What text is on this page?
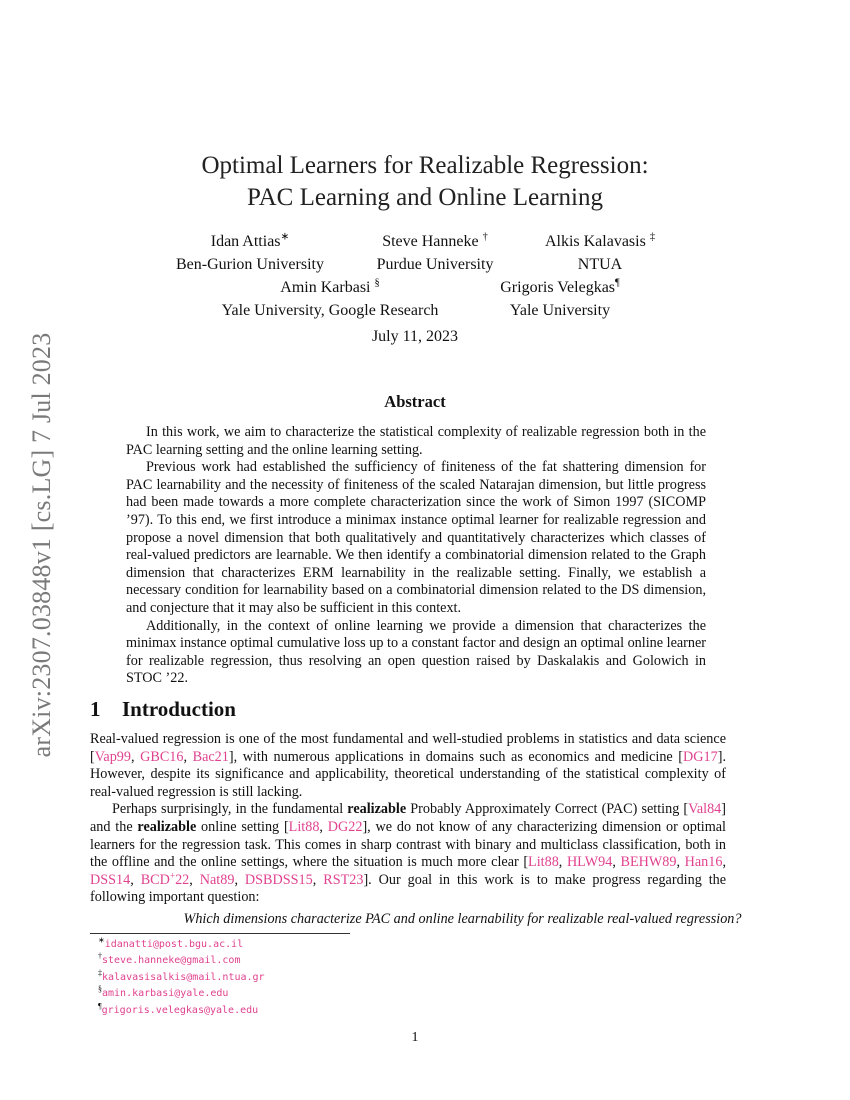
arXiv:2307.03848v1 [cs.LG] 7 Jul 2023
Optimal Learners for Realizable Regression:
PAC Learning and Online Learning
Idan Attias∗
Ben-Gurion University
Steve Hanneke †
Purdue University
Alkis Kalavasis ‡
NTUA
Amin Karbasi §
Yale University, Google Research
Grigoris Velegkas¶
Yale University
July 11, 2023
Abstract

In this work, we aim to characterize the statistical complexity of realizable regression both in the PAC learning setting and the online learning setting.

Previous work had established the sufficiency of finiteness of the fat shattering dimension for PAC learnability and the necessity of finiteness of the scaled Natarajan dimension, but little progress had been made towards a more complete characterization since the work of Simon 1997 (SICOMP ’97). To this end, we first introduce a minimax instance optimal learner for realizable regression and propose a novel dimension that both qualitatively and quantitatively characterizes which classes of real-valued predictors are learnable. We then identify a combinatorial dimension related to the Graph dimension that characterizes ERM learnability in the realizable setting. Finally, we establish a necessary condition for learnability based on a combinatorial dimension related to the DS dimension, and conjecture that it may also be sufficient in this context.

Additionally, in the context of online learning we provide a dimension that characterizes the minimax instance optimal cumulative loss up to a constant factor and design an optimal online learner for realizable regression, thus resolving an open question raised by Daskalakis and Golowich in STOC ’22.

1 Introduction

Real-valued regression is one of the most fundamental and well-studied problems in statistics and data science [Vap99, GBC16, Bac21], with numerous applications in domains such as economics and medicine [DG17]. However, despite its significance and applicability, theoretical understanding of the statistical complexity of real-valued regression is still lacking.

Perhaps surprisingly, in the fundamental realizable Probably Approximately Correct (PAC) setting [Val84] and the realizable online setting [Lit88, DG22], we do not know of any characterizing dimension or optimal learners for the regression task. This comes in sharp contrast with binary and multiclass classification, both in the offline and the online settings, where the situation is much more clear [Lit88, HLW94, BEHW89, Han16, DSS14, BCD+22, Nat89, DSBDSS15, RST23]. Our goal in this work is to make progress regarding the following important question:

Which dimensions characterize PAC and online learnability for realizable real-valued regression?
∗idanatti@post.bgu.ac.il
†steve.hanneke@gmail.com
‡kalavasisalkis@mail.ntua.gr
§amin.karbasi@yale.edu
¶grigoris.velegkas@yale.edu
1
